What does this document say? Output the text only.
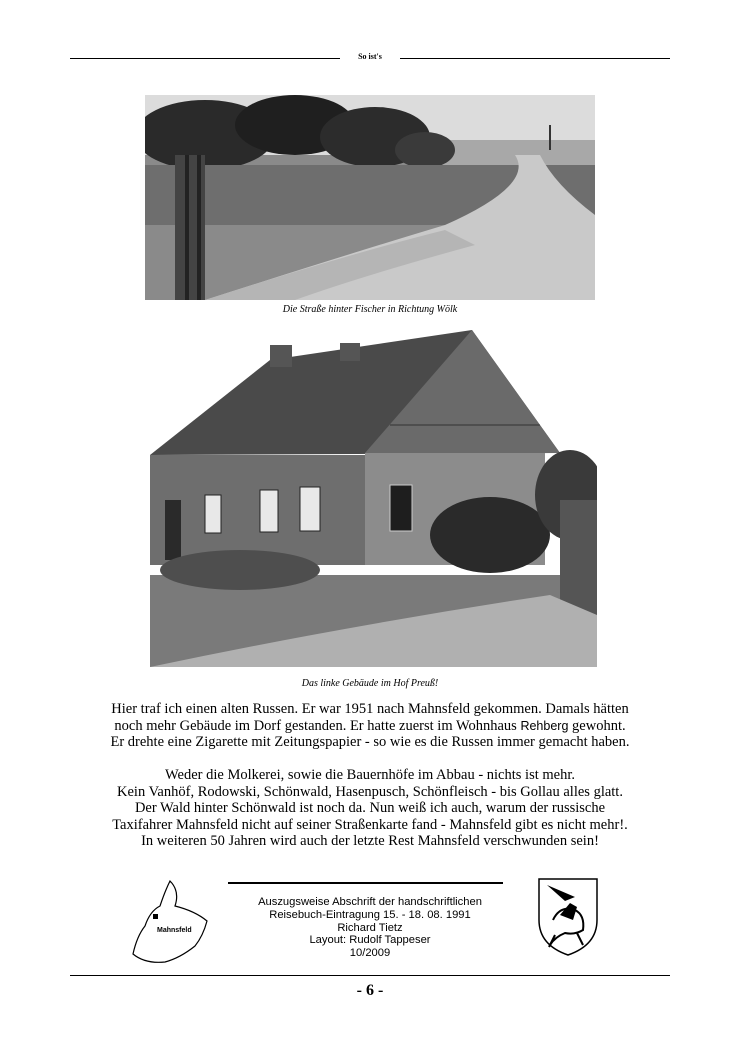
So ist's
Die Straße hinter Fischer in Richtung Wölk
Das linke Gebäude im Hof Preuß!
Hier traf ich einen alten Russen. Er war 1951 nach Mahnsfeld gekommen. Damals hätten
noch mehr Gebäude im Dorf gestanden. Er hatte zuerst im Wohnhaus Rehberg gewohnt.
Er drehte eine Zigarette mit Zeitungspapier - so wie es die Russen immer gemacht haben.
Weder die Molkerei, sowie die Bauernhöfe im Abbau - nichts ist mehr.
Kein Vanhöf, Rodowski, Schönwald, Hasenpusch, Schönfleisch - bis Gollau alles glatt.
Der Wald hinter Schönwald ist noch da. Nun weiß ich auch, warum der russische
Taxifahrer Mahnsfeld nicht auf seiner Straßenkarte fand - Mahnsfeld gibt es nicht mehr!.
In weiteren 50 Jahren wird auch der letzte Rest Mahnsfeld verschwunden sein!
Mahnsfeld
Auszugsweise Abschrift der handschriftlichen
Reisebuch-Eintragung 15. - 18. 08. 1991
Richard Tietz
Layout: Rudolf Tappeser
10/2009
- 6 -
